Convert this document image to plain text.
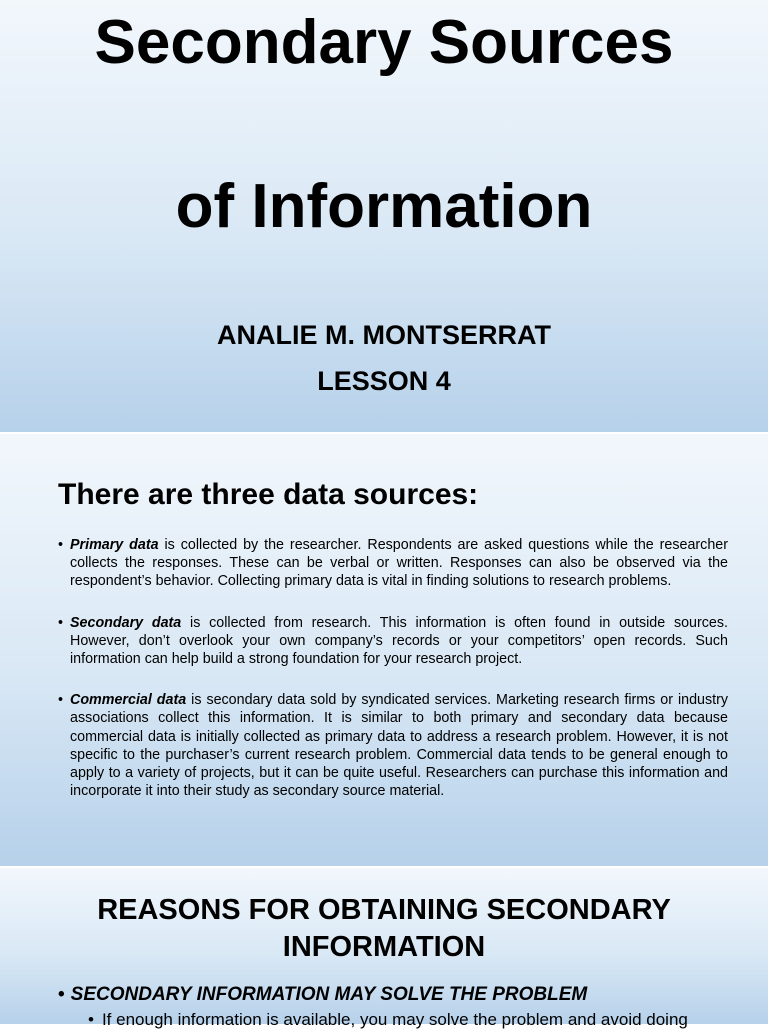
Secondary Sources
of Information
ANALIE M. MONTSERRAT
LESSON 4
There are three data sources:
• Primary data is collected by the researcher. Respondents are asked questions while the researcher collects the responses. These can be verbal or written. Responses can also be observed via the respondent’s behavior. Collecting primary data is vital in finding solutions to research problems.
• Secondary data is collected from research. This information is often found in outside sources. However, don’t overlook your own company’s records or your competitors’ open records. Such information can help build a strong foundation for your research project.
• Commercial data is secondary data sold by syndicated services. Marketing research firms or industry associations collect this information. It is similar to both primary and secondary data because commercial data is initially collected as primary data to address a research problem. However, it is not specific to the purchaser’s current research problem. Commercial data tends to be general enough to apply to a variety of projects, but it can be quite useful. Researchers can purchase this information and incorporate it into their study as secondary source material.
REASONS FOR OBTAINING SECONDARY
INFORMATION
• SECONDARY INFORMATION MAY SOLVE THE PROBLEM
• If enough information is available, you may solve the problem and avoid doing
